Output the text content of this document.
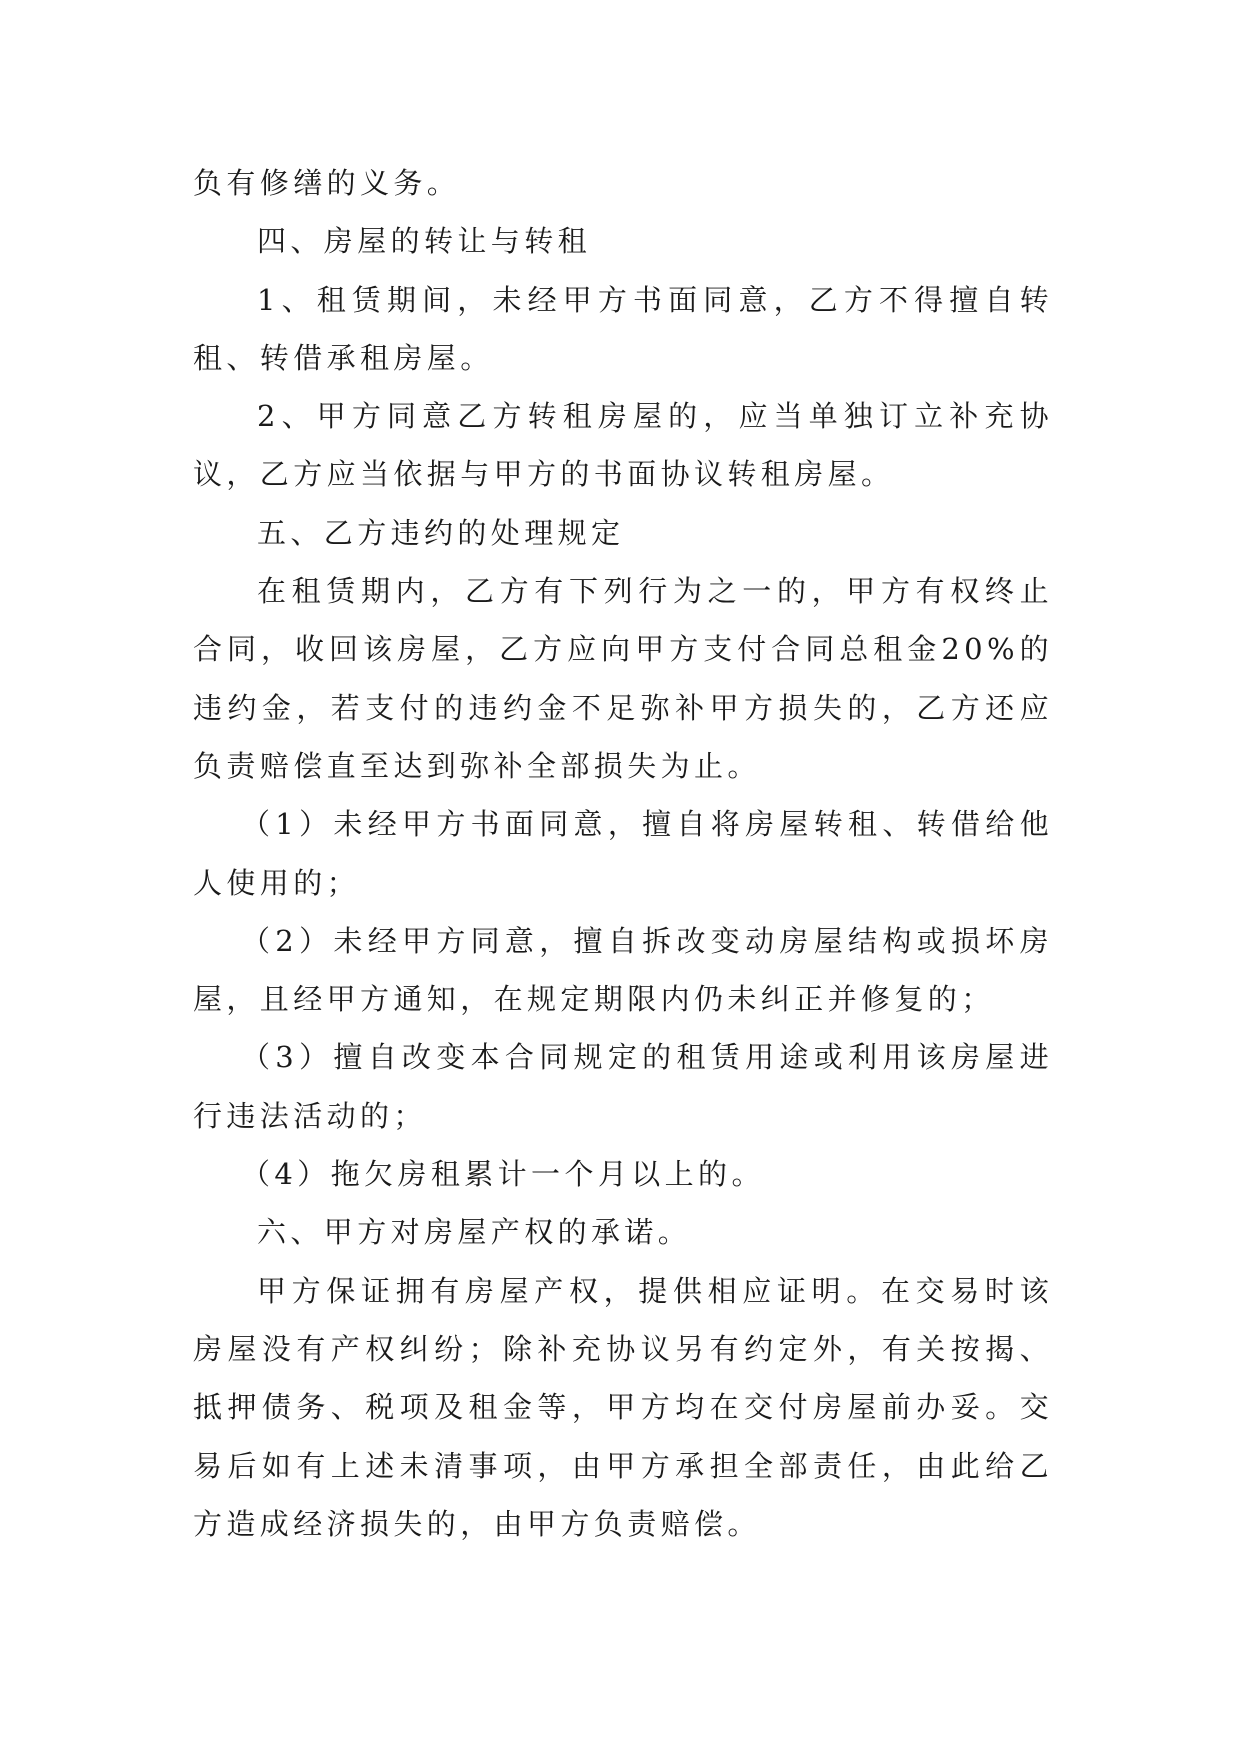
负有修缮的义务。

四、房屋的转让与转租

1、租赁期间，未经甲方书面同意，乙方不得擅自转租、转借承租房屋。

2、甲方同意乙方转租房屋的，应当单独订立补充协议，乙方应当依据与甲方的书面协议转租房屋。

五、乙方违约的处理规定

在租赁期内，乙方有下列行为之一的，甲方有权终止合同，收回该房屋，乙方应向甲方支付合同总租金20%的违约金，若支付的违约金不足弥补甲方损失的，乙方还应负责赔偿直至达到弥补全部损失为止。

（1）未经甲方书面同意，擅自将房屋转租、转借给他人使用的；

（2）未经甲方同意，擅自拆改变动房屋结构或损坏房屋，且经甲方通知，在规定期限内仍未纠正并修复的；

（3）擅自改变本合同规定的租赁用途或利用该房屋进行违法活动的；

（4）拖欠房租累计一个月以上的。

六、甲方对房屋产权的承诺。

甲方保证拥有房屋产权，提供相应证明。在交易时该房屋没有产权纠纷；除补充协议另有约定外，有关按揭、抵押债务、税项及租金等，甲方均在交付房屋前办妥。交易后如有上述未清事项，由甲方承担全部责任，由此给乙方造成经济损失的，由甲方负责赔偿。
